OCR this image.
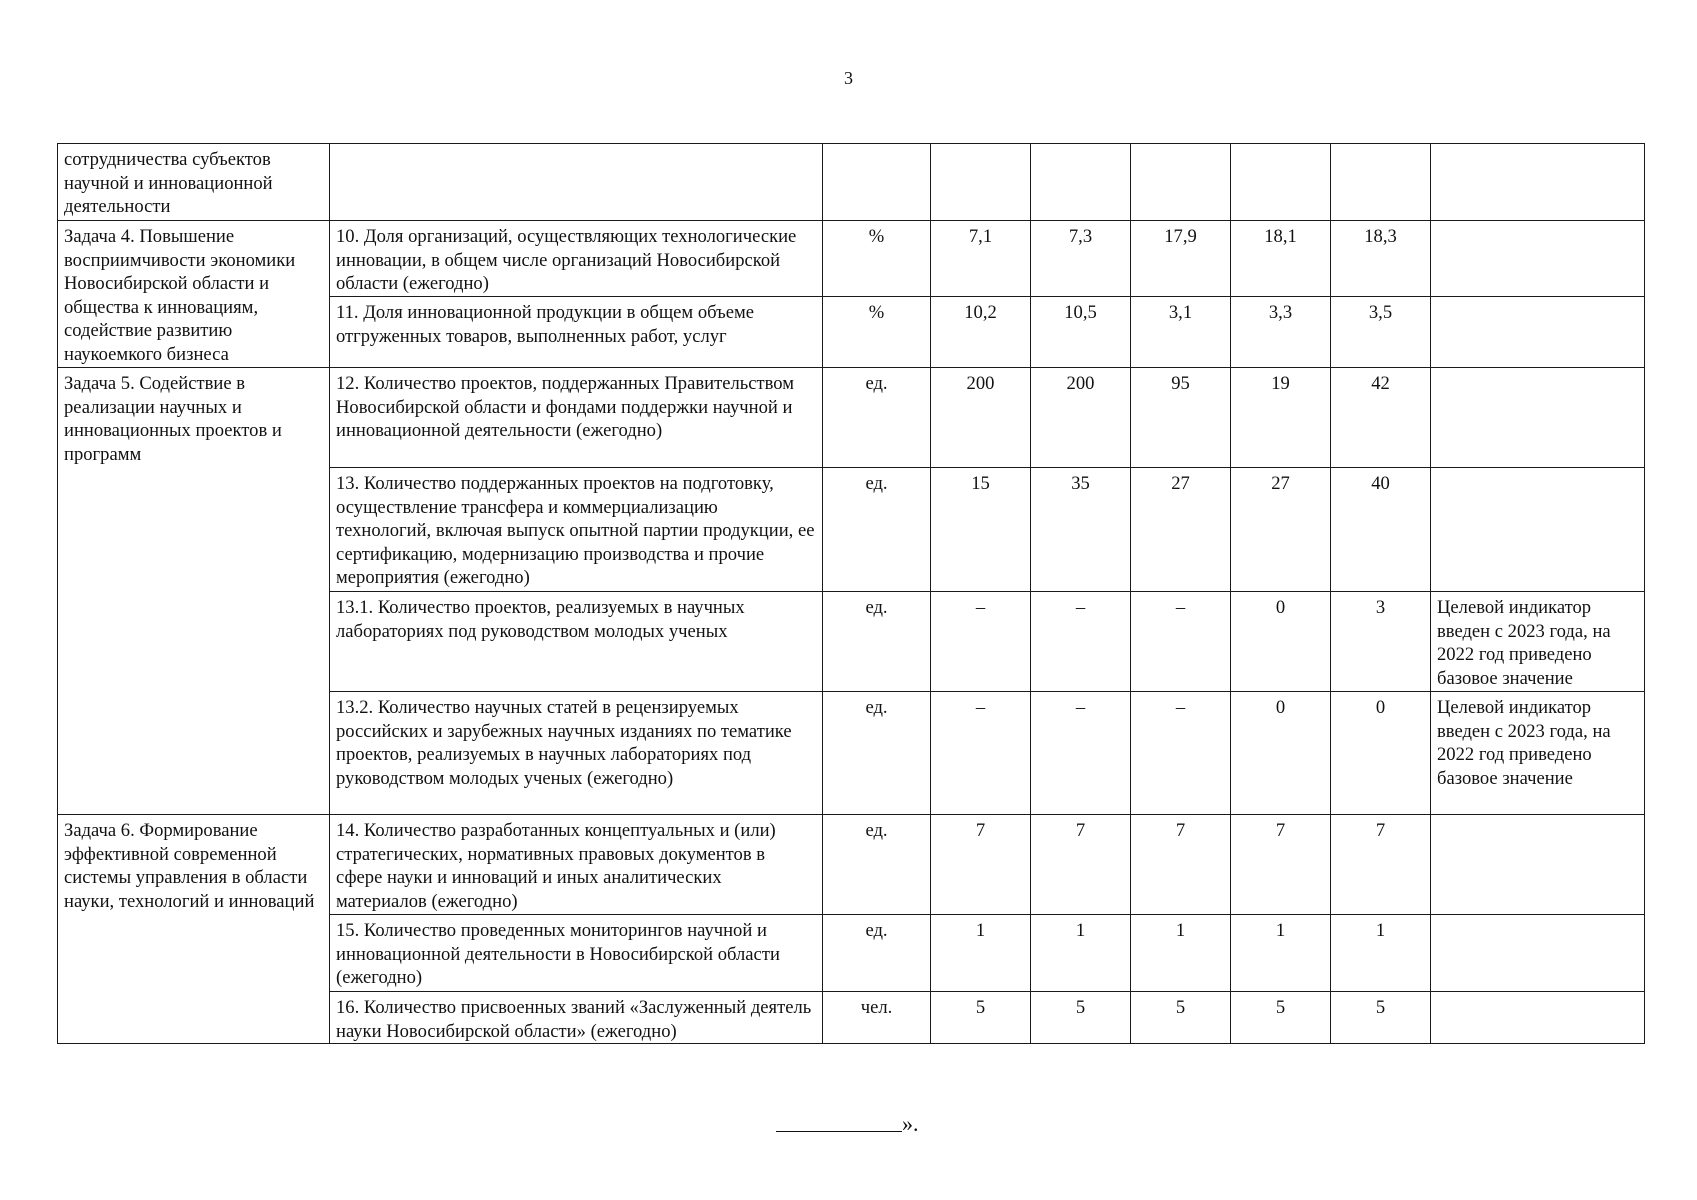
3
сотрудничества субъектов научной и инновационной деятельности								
Задача 4. Повышение восприимчивости экономики Новосибирской области и общества к инновациям, содействие развитию наукоемкого бизнеса	10. Доля организаций, осуществляющих технологические инновации, в общем числе организаций Новосибирской области (ежегодно)	%	7,1	7,3	17,9	18,1	18,3	
	11. Доля инновационной продукции в общем объеме отгруженных товаров, выполненных работ, услуг	%	10,2	10,5	3,1	3,3	3,5	
Задача 5. Содействие в реализации научных и инновационных проектов и программ	12. Количество проектов, поддержанных Правительством Новосибирской области и фондами поддержки научной и инновационной деятельности (ежегодно)	ед.	200	200	95	19	42	
	13. Количество поддержанных проектов на подготовку, осуществление трансфера и коммерциализацию технологий, включая выпуск опытной партии продукции, ее сертификацию, модернизацию производства и прочие мероприятия (ежегодно)	ед.	15	35	27	27	40	
	13.1. Количество проектов, реализуемых в научных лабораториях под руководством молодых ученых	ед.	–	–	–	0	3	Целевой индикатор введен с 2023 года, на 2022 год приведено базовое значение
	13.2. Количество научных статей в рецензируемых российских и зарубежных научных изданиях по тематике проектов, реализуемых в научных лабораториях под руководством молодых ученых (ежегодно)	ед.	–	–	–	0	0	Целевой индикатор введен с 2023 года, на 2022 год приведено базовое значение
Задача 6. Формирование эффективной современной системы управления в области науки, технологий и инноваций	14. Количество разработанных концептуальных и (или) стратегических, нормативных правовых документов в сфере науки и инноваций и иных аналитических материалов (ежегодно)	ед.	7	7	7	7	7	
	15. Количество проведенных мониторингов научной и инновационной деятельности в Новосибирской области (ежегодно)	ед.	1	1	1	1	1	
	16. Количество присвоенных званий «Заслуженный деятель науки Новосибирской области» (ежегодно)	чел.	5	5	5	5	5	
».
